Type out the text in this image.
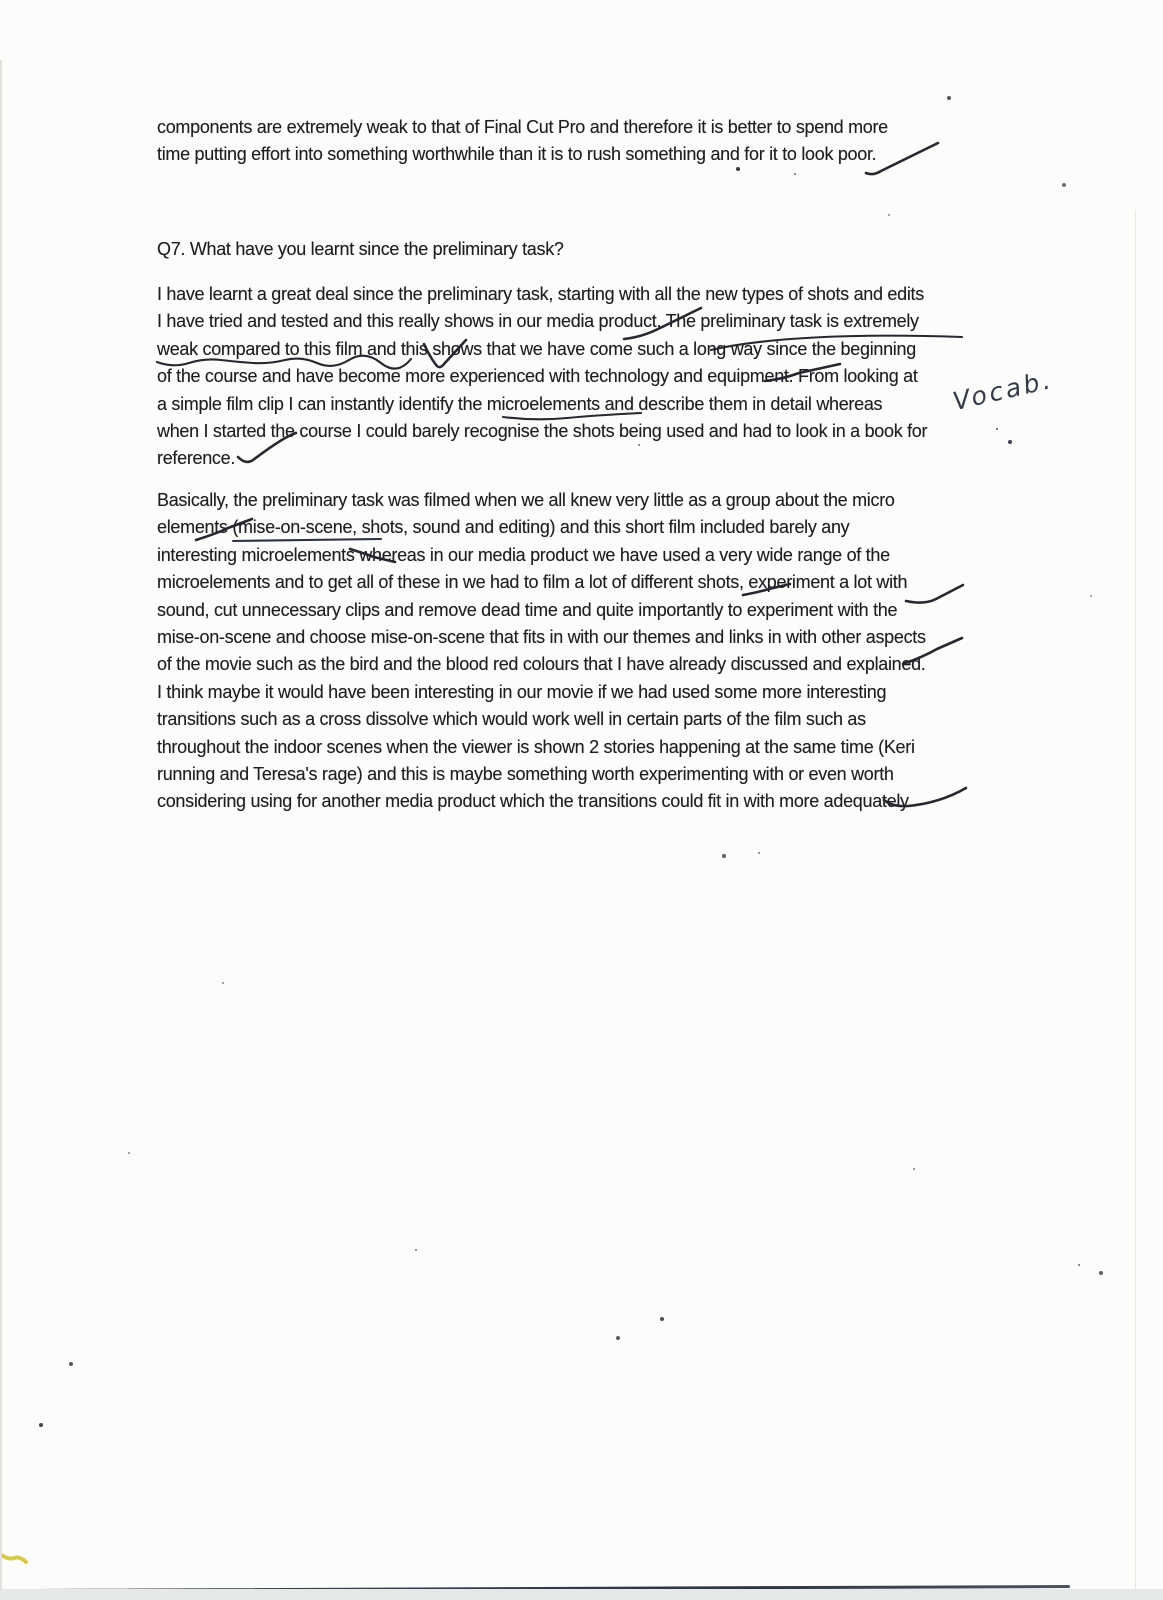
components are extremely weak to that of Final Cut Pro and therefore it is better to spend more
time putting effort into something worthwhile than it is to rush something and for it to look poor.
Q7. What have you learnt since the preliminary task?
I have learnt a great deal since the preliminary task, starting with all the new types of shots and edits
I have tried and tested and this really shows in our media product. The preliminary task is extremely
weak compared to this film and this shows that we have come such a long way since the beginning
of the course and have become more experienced with technology and equipment. From looking at
a simple film clip I can instantly identify the microelements and describe them in detail whereas
when I started the course I could barely recognise the shots being used and had to look in a book for
reference.
Basically, the preliminary task was filmed when we all knew very little as a group about the micro
elements (mise-on-scene, shots, sound and editing) and this short film included barely any
interesting microelements whereas in our media product we have used a very wide range of the
microelements and to get all of these in we had to film a lot of different shots, experiment a lot with
sound, cut unnecessary clips and remove dead time and quite importantly to experiment with the
mise-on-scene and choose mise-on-scene that fits in with our themes and links in with other aspects
of the movie such as the bird and the blood red colours that I have already discussed and explained.
I think maybe it would have been interesting in our movie if we had used some more interesting
transitions such as a cross dissolve which would work well in certain parts of the film such as
throughout the indoor scenes when the viewer is shown 2 stories happening at the same time (Keri
running and Teresa's rage) and this is maybe something worth experimenting with or even worth
considering using for another media product which the transitions could fit in with more adequately.
Vocab.
